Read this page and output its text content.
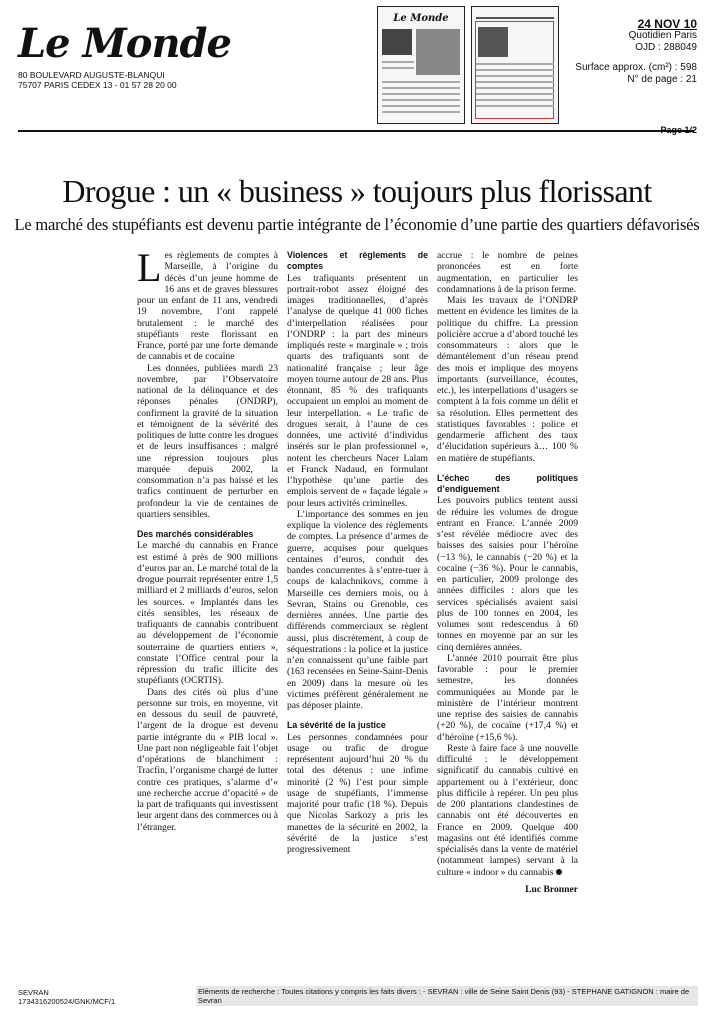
Le Monde
80 BOULEVARD AUGUSTE-BLANQUI
75707 PARIS CEDEX 13 - 01 57 28 20 00
Le Monde	24 NOV 10
Quotidien Paris
OJD : 288049
Surface approx. (cm²) : 598
N° de page : 21
Page 1/2
Drogue : un « business » toujours plus florissant
Le marché des stupéfiants est devenu partie intégrante de l’économie d’une partie des quartiers défavorisés

Les règlements de comptes à Marseille, à l’origine du décès d’un jeune homme de 16 ans et de graves blessures pour un enfant de 11 ans, vendredi 19 novembre, l’ont rappelé brutalement : le marché des stupéfiants reste florissant en France, porté par une forte demande de cannabis et de cocaïne

Les données, publiées mardi 23 novembre, par l’Observatoire national de la délinquance et des réponses pénales (ONDRP), confirment la gravité de la situation et témoignent de la sévérité des politiques de lutte contre les drogues et de leurs insuffisances : malgré une répression toujours plus marquée depuis 2002, la consommation n’a pas baissé et les trafics continuent de perturber en profondeur la vie de centaines de quartiers sensibles.

Des marchés considérables

Le marché du cannabis en France est estimé à près de 900 millions d’euros par an. Le marché total de la drogue pourrait représenter entre 1,5 milliard et 2 milliards d’euros, selon les sources. « Implantés dans les cités sensibles, les réseaux de trafiquants de cannabis contribuent au développement de l’économie souterraine de quartiers entiers », constate l’Office central pour la répression du trafic illicite des stupéfiants (OCRTIS).

Dans des cités où plus d’une personne sur trois, en moyenne, vit en dessous du seuil de pauvreté, l’argent de la drogue est devenu partie intégrante du « PIB local ». Une part non négligeable fait l’objet d’opérations de blanchiment : Tracfin, l’organisme chargé de lutter contre ces pratiques, s’alarme d’« une recherche accrue d’opacité » de la part de trafiquants qui investissent leur argent dans des commerces ou à l’étranger.

Violences et règlements de comptes

Les trafiquants présentent un portrait-robot assez éloigné des images traditionnelles, d’après l’analyse de quelque 41 000 fiches d’interpellation réalisées pour l’ONDRP : la part des mineurs impliqués reste « marginale » ; trois quarts des trafiquants sont de nationalité française ; leur âge moyen tourne autour de 28 ans. Plus étonnant, 85 % des trafiquants occupaient un emploi au moment de leur interpellation. « Le trafic de drogues serait, à l’aune de ces données, une activité d’individus insérés sur le plan professionnel », notent les chercheurs Nacer Lalam et Franck Nadaud, en formulant l’hypothèse qu’une partie des emplois servent de « façade légale » pour leurs activités criminelles.

L’importance des sommes en jeu explique la violence des règlements de comptes. La présence d’armes de guerre, acquises pour quelques centaines d’euros, conduit des bandes concurrentes à s’entre-tuer à coups de kalachnikovs, comme à Marseille ces derniers mois, ou à Sevran, Stains ou Grenoble, ces dernières années. Une partie des différends commerciaux se règlent aussi, plus discrètement, à coup de séquestrations : la police et la justice n’en connaissent qu’une faible part (163 recensées en Seine-Saint-Denis en 2009) dans la mesure où les victimes préfèrent généralement ne pas déposer plainte.

La sévérité de la justice

Les personnes condamnées pour usage ou trafic de drogue représentent aujourd’hui 20 % du total des détenus : une infime minorité (2 %) l’est pour simple usage de stupéfiants, l’immense majorité pour trafic (18 %). Depuis que Nicolas Sarkozy a pris les manettes de la sécurité en 2002, la sévérité de la justice s’est progressivement

accrue : le nombre de peines prononcées est en forte augmentation, en particulier les condamnations à de la prison ferme.

Mais les travaux de l’ONDRP mettent en évidence les limites de la politique du chiffre. La pression policière accrue a d’abord touché les consommateurs : alors que le démantèlement d’un réseau prend des mois et implique des moyens importants (surveillance, écoutes, etc.), les interpellations d’usagers se comptent à la fois comme un délit et sa résolution. Elles permettent des statistiques favorables : police et gendarmerie affichent des taux d’élucidation supérieurs à… 100 % en matière de stupéfiants.

L’échec des politiques d’endiguement

Les pouvoirs publics tentent aussi de réduire les volumes de drogue entrant en France. L’année 2009 s’est révélée médiocre avec des baisses des saisies pour l’héroïne (−13 %), le cannabis (−20 %) et la cocaïne (−36 %). Pour le cannabis, en particulier, 2009 prolonge des années difficiles : alors que les services spécialisés avaient saisi plus de 100 tonnes en 2004, les volumes sont redescendus à 60 tonnes en moyenne par an sur les cinq dernières années.

L’année 2010 pourrait être plus favorable : pour le premier semestre, les données communiquées au Monde par le ministère de l’intérieur montrent une reprise des saisies de cannabis (+20 %), de cocaïne (+17,4 %) et d’héroïne (+15,6 %).

Reste à faire face à une nouvelle difficulté : le développement significatif du cannabis cultivé en appartement ou à l’extérieur, donc plus difficile à repérer. Un peu plus de 200 plantations clandestines de cannabis ont été découvertes en France en 2009. Quelque 400 magasins ont été identifiés comme spécialisés dans la vente de matériel (notamment lampes) servant à la culture « indoor » du cannabis

Luc Bronner
SEVRAN
1734316200524/GNK/MCF/1
Eléments de recherche : Toutes citations y compris les faits divers : - SEVRAN : ville de Seine Saint Denis (93) - STEPHANE GATIGNON : maire de Sevran
